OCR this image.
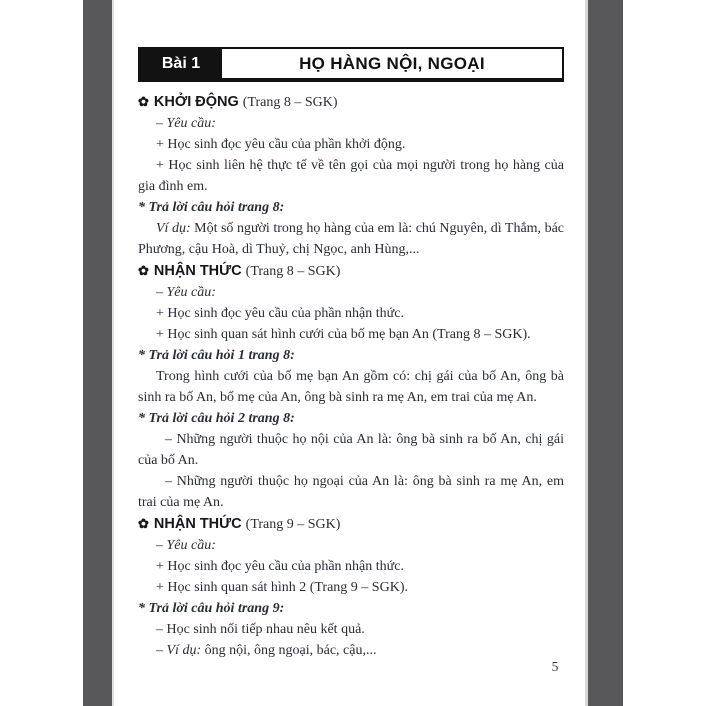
Bài 1	HỌ HÀNG NỘI, NGOẠI
✿ KHỞI ĐỘNG (Trang 8 – SGK)
– Yêu cầu:
+ Học sinh đọc yêu cầu của phần khởi động.
+ Học sinh liên hệ thực tế về tên gọi của mọi người trong họ hàng của gia đình em.
* Trả lời câu hỏi trang 8:
Ví dụ: Một số người trong họ hàng của em là: chú Nguyên, dì Thắm, bác Phương, cậu Hoà, dì Thuỷ, chị Ngọc, anh Hùng,...
✿ NHẬN THỨC (Trang 8 – SGK)
– Yêu cầu:
+ Học sinh đọc yêu cầu của phần nhận thức.
+ Học sinh quan sát hình cưới của bố mẹ bạn An (Trang 8 – SGK).
* Trả lời câu hỏi 1 trang 8:
Trong hình cưới của bố mẹ bạn An gồm có: chị gái của bố An, ông bà sinh ra bố An, bố mẹ của An, ông bà sinh ra mẹ An, em trai của mẹ An.
* Trả lời câu hỏi 2 trang 8:
– Những người thuộc họ nội của An là: ông bà sinh ra bố An, chị gái của bố An.
– Những người thuộc họ ngoại của An là: ông bà sinh ra mẹ An, em trai của mẹ An.
✿ NHẬN THỨC (Trang 9 – SGK)
– Yêu cầu:
+ Học sinh đọc yêu cầu của phần nhận thức.
+ Học sinh quan sát hình 2 (Trang 9 – SGK).
* Trả lời câu hỏi trang 9:
– Học sinh nối tiếp nhau nêu kết quả.
– Ví dụ: ông nội, ông ngoại, bác, cậu,...
5
